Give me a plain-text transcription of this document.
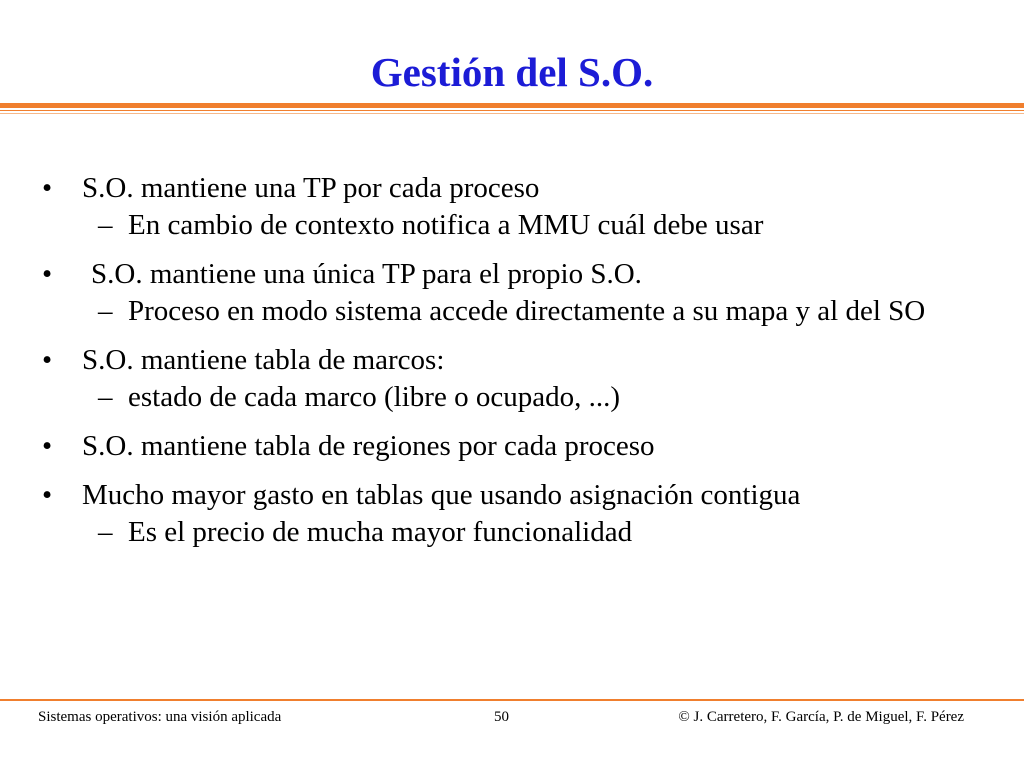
Gestión del S.O.
• S.O. mantiene una TP por cada proceso
– En cambio de contexto notifica a MMU cuál debe usar
• S.O. mantiene una única TP para el propio S.O.
– Proceso en modo sistema accede directamente a su mapa y al del SO
• S.O. mantiene tabla de marcos:
– estado de cada marco (libre o ocupado, ...)
• S.O. mantiene tabla de regiones por cada proceso
• Mucho mayor gasto en tablas que usando asignación contigua
– Es el precio de mucha mayor funcionalidad
Sistemas operativos: una visión aplicada	50	© J. Carretero, F. García, P. de Miguel, F. Pérez
